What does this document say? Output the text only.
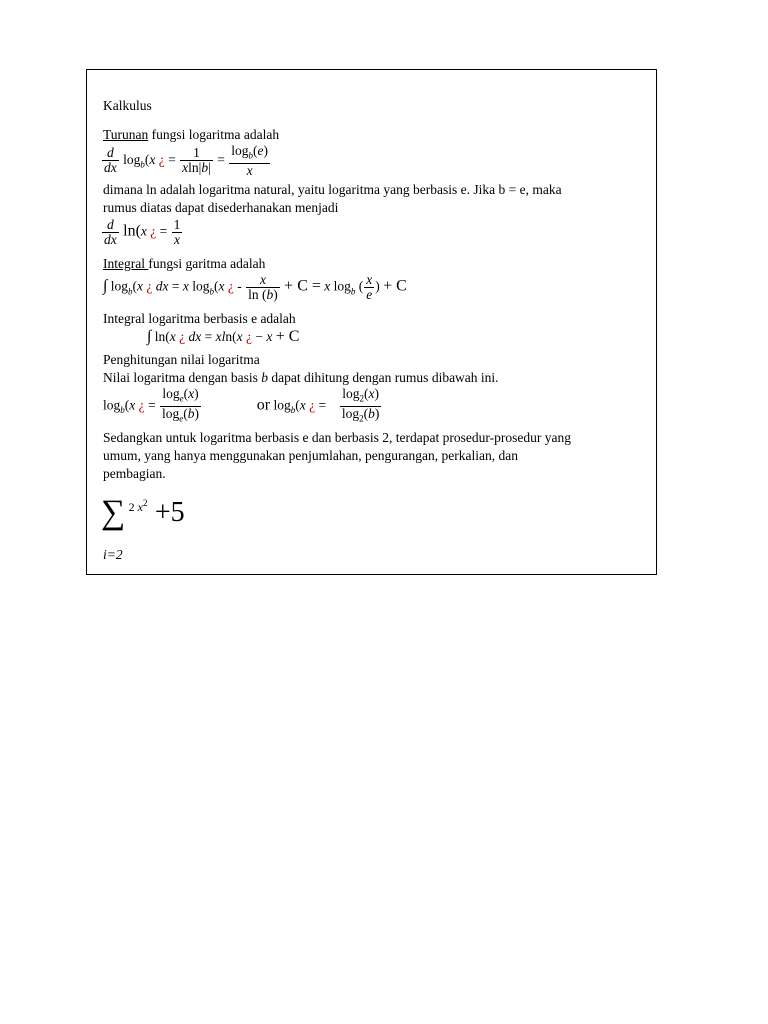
Kalkulus
Turunan fungsi logaritma adalah
$\frac{d}{dx} \log_b(x$ ¿ = $\frac{1}{xln|b|} = \frac{\log_b(e)}{x}$
dimana ln adalah logaritma natural, yaitu logaritma yang berbasis e. Jika b = e, maka
rumus diatas dapat disederhanakan menjadi
$\frac{d}{dx} \ln(x$ ¿ = $\frac{1}{x}$
Integral fungsi garitma adalah
∫ $\log_b(x$ ¿ dx = x $\log_b(x$ ¿ - $\frac{x}{\ln (b)} + C = x$ $\log_b$ ( $\frac{x}{e}$ ) + C
Integral logaritma berbasis e adalah
∫ ln(x ¿ dx = xln(x ¿ − x + C
Penghitungan nilai logaritma
Nilai logaritma dengan basis b dapat dihitung dengan rumus dibawah ini.
$\log_b(x$ ¿ = $\frac{\log_e(x)}{\log_e(b)}$	or $\log_b(x$ ¿ = $\frac{\log_2(x)}{\log_2(b)}$
Sedangkan untuk logaritma berbasis e dan berbasis 2, terdapat prosedur-prosedur yang
umum, yang hanya menggunakan penjumlahan, pengurangan, perkalian, dan
pembagian.
∑ 2 $x^2 +5$
i=2
